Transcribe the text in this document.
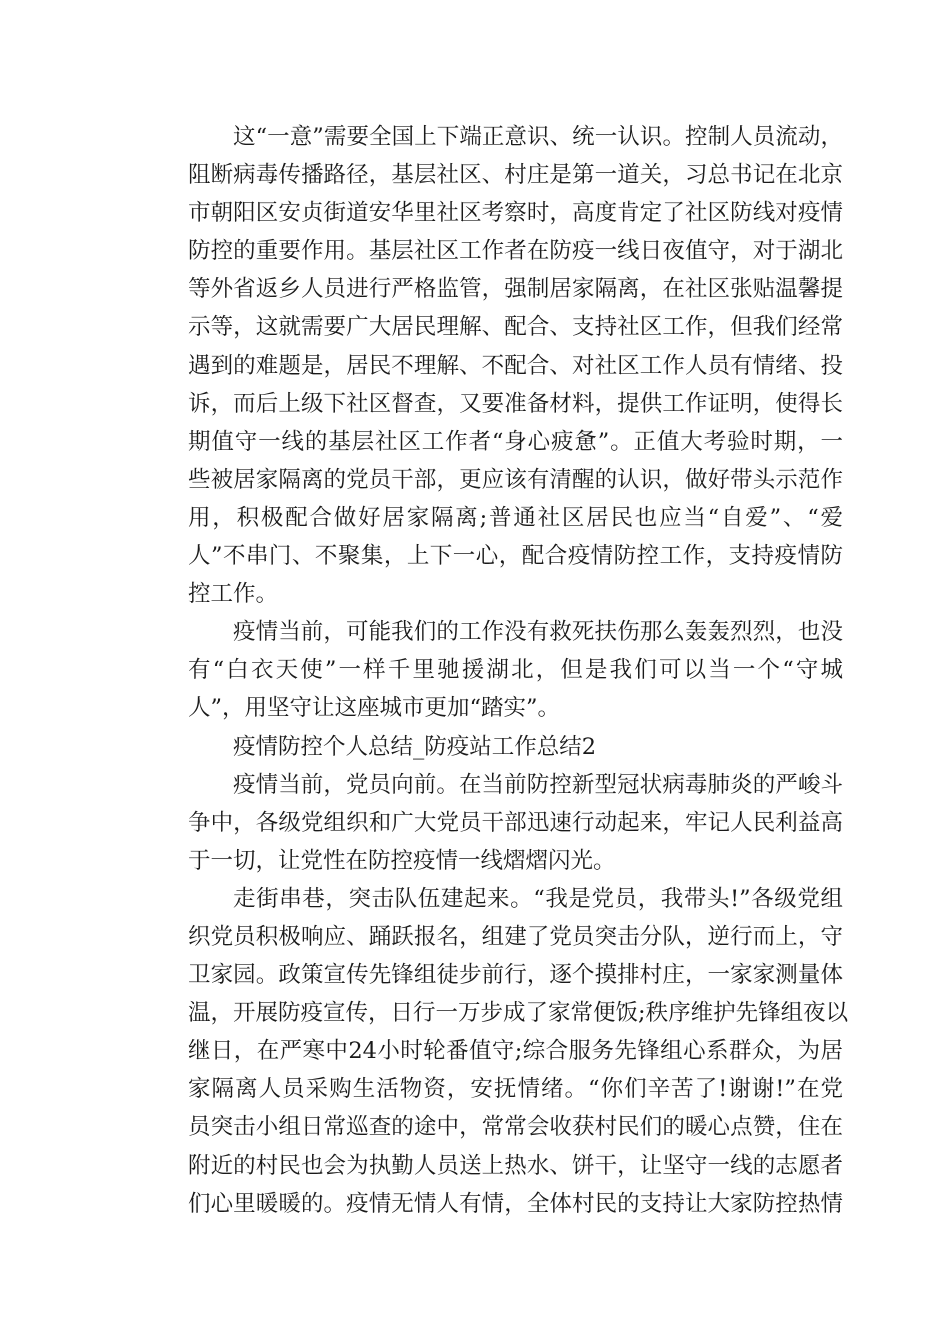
这“一意”需要全国上下端正意识、统一认识。控制人员流动，
阻断病毒传播路径，基层社区、村庄是第一道关，习总书记在北京
市朝阳区安贞街道安华里社区考察时，高度肯定了社区防线对疫情
防控的重要作用。基层社区工作者在防疫一线日夜值守，对于湖北
等外省返乡人员进行严格监管，强制居家隔离，在社区张贴温馨提
示等，这就需要广大居民理解、配合、支持社区工作，但我们经常
遇到的难题是，居民不理解、不配合、对社区工作人员有情绪、投
诉，而后上级下社区督查，又要准备材料，提供工作证明，使得长
期值守一线的基层社区工作者“身心疲惫”。正值大考验时期，一
些被居家隔离的党员干部，更应该有清醒的认识，做好带头示范作
用，积极配合做好居家隔离;普通社区居民也应当“自爱”、“爱
人”不串门、不聚集，上下一心，配合疫情防控工作，支持疫情防
控工作。
疫情当前，可能我们的工作没有救死扶伤那么轰轰烈烈，也没
有“白衣天使”一样千里驰援湖北，但是我们可以当一个“守城
人”，用坚守让这座城市更加“踏实”。
疫情防控个人总结_防疫站工作总结2
疫情当前，党员向前。在当前防控新型冠状病毒肺炎的严峻斗
争中，各级党组织和广大党员干部迅速行动起来，牢记人民利益高
于一切，让党性在防控疫情一线熠熠闪光。
走街串巷，突击队伍建起来。“我是党员，我带头!”各级党组
织党员积极响应、踊跃报名，组建了党员突击分队，逆行而上，守
卫家园。政策宣传先锋组徒步前行，逐个摸排村庄，一家家测量体
温，开展防疫宣传，日行一万步成了家常便饭;秩序维护先锋组夜以
继日，在严寒中24小时轮番值守;综合服务先锋组心系群众，为居
家隔离人员采购生活物资，安抚情绪。“你们辛苦了!谢谢!”在党
员突击小组日常巡查的途中，常常会收获村民们的暖心点赞，住在
附近的村民也会为执勤人员送上热水、饼干，让坚守一线的志愿者
们心里暖暖的。疫情无情人有情，全体村民的支持让大家防控热情
